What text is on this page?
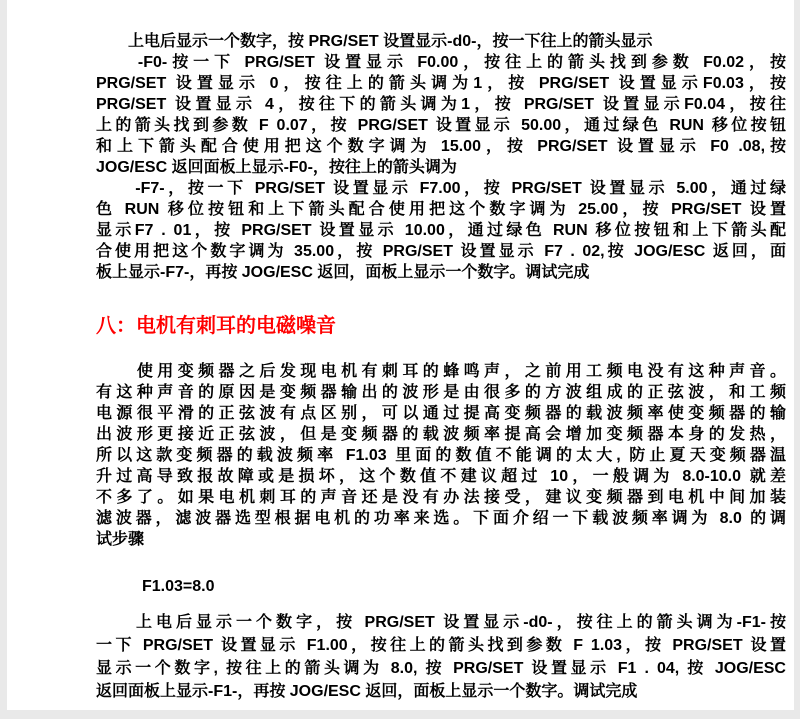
　　上电后显示一个数字，按 PRG/SET 设置显示-d0-，按一下往上的箭头显示
　　-F0-按一下 PRG/SET 设置显示 F0.00，按往上的箭头找到参数 F0.02，按
PRG/SET 设置显示 0，按往上的箭头调为1，按 PRG/SET 设置显示F0.03，按
PRG/SET 设置显示 4，按往下的箭头调为1，按 PRG/SET 设置显示F0.04，按往
上的箭头找到参数 F 0.07，按 PRG/SET 设置显示 50.00，通过绿色 RUN 移位按钮
和上下箭头配合使用把这个数字调为 15.00，按 PRG/SET 设置显示 F0 .08,按
JOG/ESC 返回面板上显示-F0-，按往上的箭头调为
　　-F7-，按一下 PRG/SET 设置显示 F7.00，按 PRG/SET 设置显示 5.00，通过绿
色 RUN 移位按钮和上下箭头配合使用把这个数字调为 25.00，按 PRG/SET 设置
显示F7 . 01，按 PRG/SET 设置显示 10.00，通过绿色 RUN 移位按钮和上下箭头配
合使用把这个数字调为 35.00，按 PRG/SET 设置显示 F7 . 02,按 JOG/ESC 返回，面
板上显示-F7-，再按 JOG/ESC 返回，面板上显示一个数字。调试完成
八：电机有刺耳的电磁噪音
　　使用变频器之后发现电机有刺耳的蜂鸣声，之前用工频电没有这种声音。
有这种声音的原因是变频器输出的波形是由很多的方波组成的正弦波，和工频
电源很平滑的正弦波有点区别，可以通过提高变频器的载波频率使变频器的输
出波形更接近正弦波，但是变频器的载波频率提高会增加变频器本身的发热，
所以这款变频器的载波频率 F1.03 里面的数值不能调的太大, 防止夏天变频器温
升过高导致报故障或是损坏，这个数值不建议超过 10，一般调为 8.0-10.0 就差
不多了。如果电机刺耳的声音还是没有办法接受，建议变频器到电机中间加装
滤波器，滤波器选型根据电机的功率来选。下面介绍一下载波频率调为 8.0 的调
试步骤
F1.03=8.0
　　上电后显示一个数字，按 PRG/SET 设置显示-d0-，按往上的箭头调为-F1-按
一下 PRG/SET 设置显示 F1.00，按往上的箭头找到参数 F 1.03，按 PRG/SET 设置
显示一个数字, 按往上的箭头调为 8.0, 按 PRG/SET 设置显示 F1 . 04, 按 JOG/ESC
返回面板上显示-F1-，再按 JOG/ESC 返回，面板上显示一个数字。调试完成
